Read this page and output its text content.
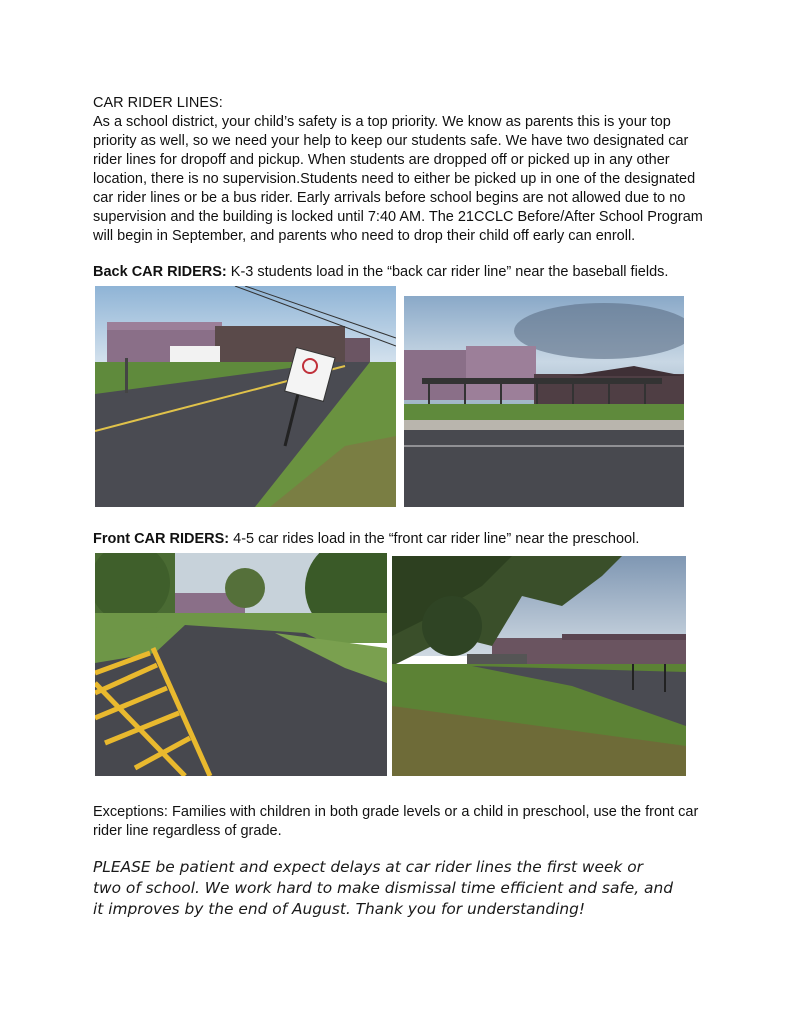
CAR RIDER LINES:
As a school district, your child’s safety is a top priority. We know as parents this is your top
priority as well, so we need your help to keep our students safe. We have two designated car
rider lines for dropoff and pickup. When students are dropped off or picked up in any other
location, there is no supervision.Students need to either be picked up in one of the designated
car rider lines or be a bus rider. Early arrivals before school begins are not allowed due to no
supervision and the building is locked until 7:40 AM. The 21CCLC Before/After School Program
will begin in September, and parents who need to drop their child off early can enroll.
Back CAR RIDERS: K-3 students load in the “back car rider line” near the baseball fields.
Front CAR RIDERS: 4-5 car rides load in the “front car rider line” near the preschool.
Exceptions: Families with children in both grade levels or a child in preschool, use the front car
rider line regardless of grade.
PLEASE be patient and expect delays at car rider lines the first week or
two of school. We work hard to make dismissal time efficient and safe, and
it improves by the end of August. Thank you for understanding!
